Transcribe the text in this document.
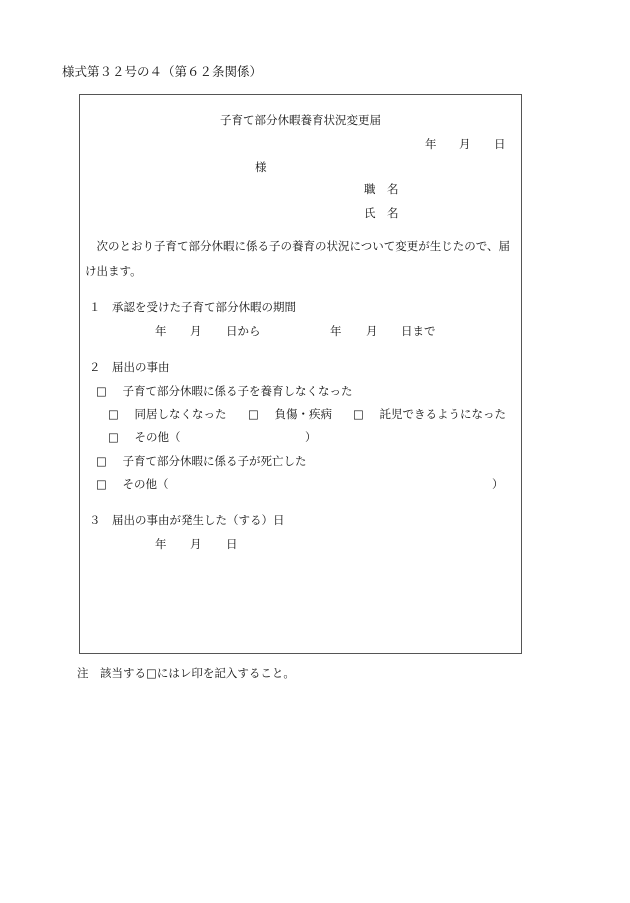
様式第３２号の４（第６２条関係）
子育て部分休暇養育状況変更届
年 月 日
様
職　名
氏　名
　次のとおり子育て部分休暇に係る子の養育の状況について変更が生じたので、届
け出ます。
１　承認を受けた子育て部分休暇の期間
年 月 日から	年 月 日まで
２　届出の事由
□ 子育て部分休暇に係る子を養育しなくなった
□ 同居しなくなった □ 負傷・疾病 □ 託児できるようになった
□ その他（	）
□ 子育て部分休暇に係る子が死亡した
□ その他（	）
３　届出の事由が発生した（する）日
年 月 日
注　該当する□にはレ印を記入すること。
